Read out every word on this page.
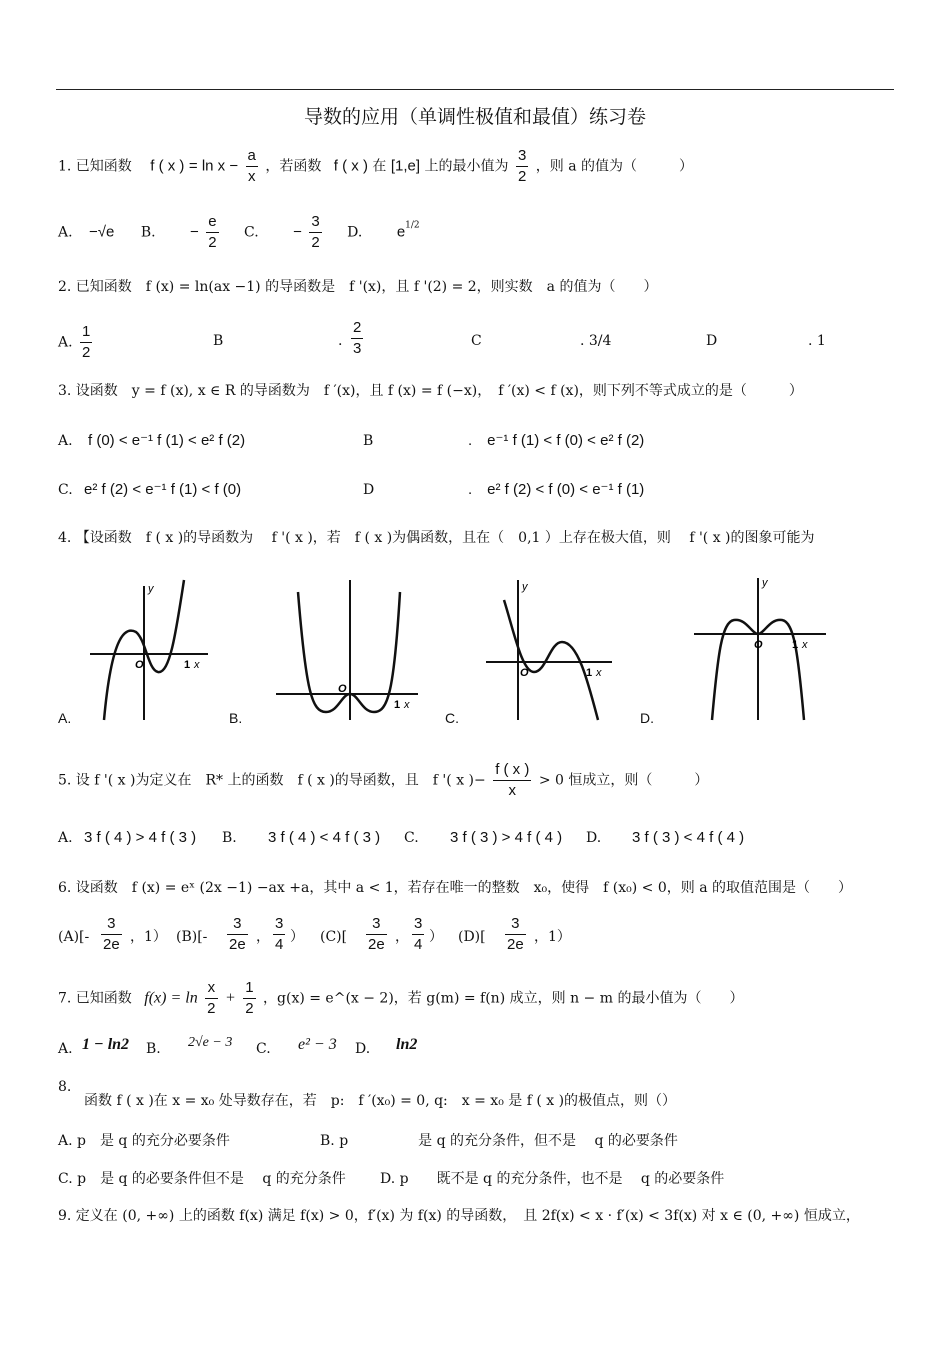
导数的应用（单调性极值和最值）练习卷
1. 已知函数 f ( x ) = $\ln x - \frac{a}{x}$ ，若函数 f ( x ) 在 [1,e] 上的最小值为 $\frac{3}{2}$ ，则 a 的值为（　　　）
A. −√e B. − $\frac{e}{2} C$. − $\frac{3}{2} D$. $e^{1/2}$
2. 已知函数　f (x) = ln(ax −1) 的导函数是　f '(x)，且 f '(2) = 2，则实数　a 的值为（　　）
A. $\frac{1}{2}$	B	. $\frac{2}{3}$	C	. 3/4	D	. 1
3. 设函数　y = f (x), x ∈ R 的导函数为　f ′(x)，且 f (x) = f (−x)，　f ′(x) < f (x)，则下列不等式成立的是（　　　）
A. f (0) < e⁻¹ f (1) < e² f (2)	B	.　e⁻¹ f (1) < f (0) < e² f (2)
C. e² f (2) < e⁻¹ f (1) < f (0)	D	.　e² f (2) < f (0) < e⁻¹ f (1)
4. 【设函数　f ( x )的导函数为　 f '( x )，若　f ( x )为偶函数，且在（　0,1 ）上存在极大值，则　 f '( x )的图象可能为
y
O	1 x
A.
O
1 x
B.
y
O	1 x
C.
y
O	1 x
D.
5. 设 f '( x )为定义在　R* 上的函数　f ( x )的导函数，且　f '( x )− $\frac{f ( x )}{x} > 0$ 恒成立，则（　　　）
A. 3 f ( 4 ) > 4 f ( 3 ) B. 3 f ( 4 ) < 4 f ( 3 ) C. 3 f ( 3 ) > 4 f ( 4 ) D. 3 f ( 3 ) < 4 f ( 4 )
6. 设函数　f (x) = eˣ (2x −1) −ax +a，其中 a < 1，若存在唯一的整数　x₀，使得　f (x₀) < 0，则 a 的取值范围是（　　）
$(A)[- \frac{3}{2e}$ ，1） $(B)[- \frac{3}{2e}$ ， $\frac{3}{4}$ ） $(C)[ \frac{3}{2e}$ ， $\frac{3}{4}$ ） $(D)[ \frac{3}{2e}$ ，1）
7. 已知函数 $f(x) = \ln \frac{x}{2} + \frac{1}{2}$ ，g(x) = e^(x − 2)，若 g(m) = f(n) 成立，则 n − m 的最小值为（　　）
A. 1 − ln2 B. 2√e − 3 C. e² − 3 D. ln2
8.
函数 f ( x )在 x = x₀ 处导数存在，若　p:　f ′(x₀) = 0, q:　x = x₀ 是 f ( x )的极值点，则（）
A. p　是 q 的充分必要条件	B. p　　　　　是 q 的充分条件，但不是　 q 的必要条件
C. p　是 q 的必要条件但不是　 q 的充分条件 D. p　　既不是 q 的充分条件，也不是　 q 的必要条件
9. 定义在 (0, +∞) 上的函数 f(x) 满足 f(x) > 0，f′(x) 为 f(x) 的导函数，　且 2f(x) < x · f′(x) < 3f(x) 对 x ∈ (0, +∞) 恒成立，
